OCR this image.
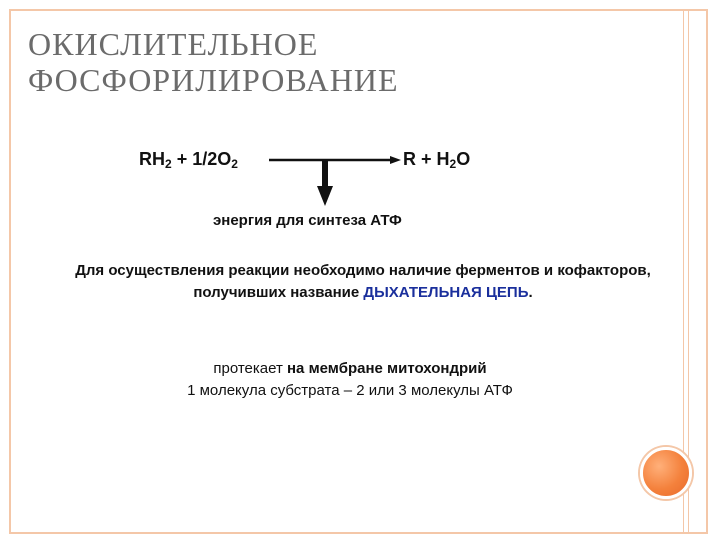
ОКИСЛИТЕЛЬНОЕ
ФОСФОРИЛИРОВАНИЕ
$RH_2 + 1/2O_2$	$R + H_2O$
энергия для синтеза АТФ
Для осуществления реакции необходимо наличие ферментов и кофакторов, получивших название ДЫХАТЕЛЬНАЯ ЦЕПЬ.
протекает на мембране митохондрий
1 молекула субстрата – 2 или 3 молекулы АТФ
